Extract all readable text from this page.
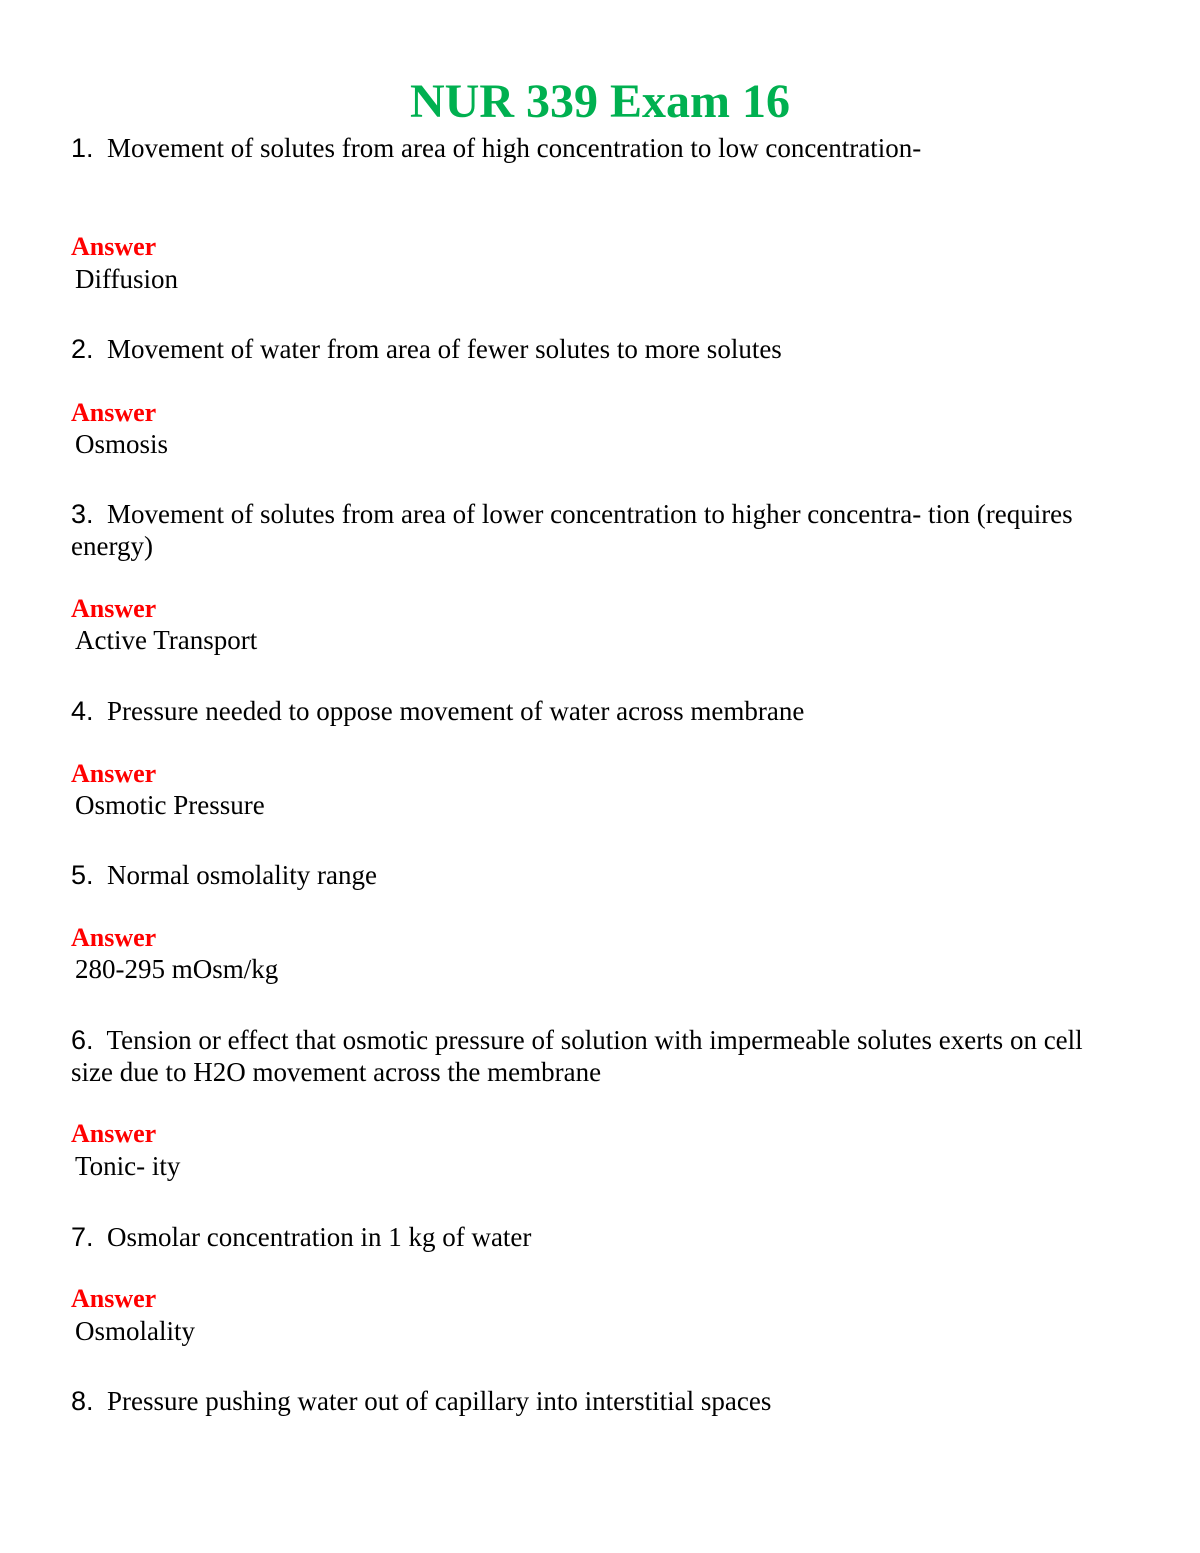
NUR 339 Exam 16

1. Movement of solutes from area of high concentration to low concentration-

Answer

Diffusion

2. Movement of water from area of fewer solutes to more solutes

Answer

Osmosis

3. Movement of solutes from area of lower concentration to higher concentra- tion (requires energy)

Answer

Active Transport

4. Pressure needed to oppose movement of water across membrane

Answer

Osmotic Pressure

5. Normal osmolality range

Answer

280-295 mOsm/kg

6. Tension or effect that osmotic pressure of solution with impermeable solutes exerts on cell size due to H2O movement across the membrane

Answer

Tonic- ity

7. Osmolar concentration in 1 kg of water

Answer

Osmolality

8. Pressure pushing water out of capillary into interstitial spaces
